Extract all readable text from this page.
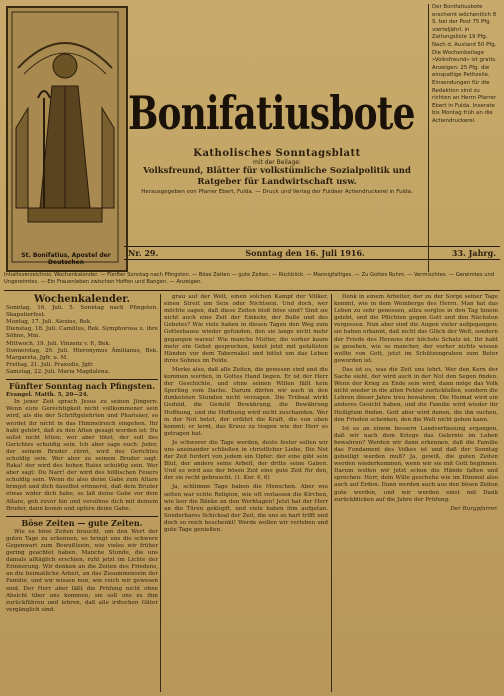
St. Bonifatius, Apostel der Deutschen
Bonifatiusbote
Katholisches Sonntagsblatt
mit der Beilage:
Volksfreund, Blätter für volkstümliche Sozialpolitik und Ratgeber für Landwirtschaft usw.
Herausgegeben von Pfarrer Ebert, Fulda. — Druck und Verlag der Fuldaer Actiendruckerei in Fulda.
Der Bonifatiusbote erscheint wöchentlich 8 S. bei der Post 75 Pfg. vierteljährl. in Zeitungsliste 19 Pfg. Nach d. Ausland 50 Pfg. Die Wochenbeilage »Volksfreund« ist gratis. Anzeigen: 25 Pfg. die einspaltige Petitzeile. Einsendungen für die Redaktion sind zu richten an Herrn Pfarrer Ebert in Fulda. Inserate bis Montag früh an die Actiendruckerei.
Nr. 29.	Sonntag den 16. Juli 1916.	33. Jahrg.
Inhaltsverzeichnis: Wochenkalender. — Fünfter Sonntag nach Pfingsten. — Böse Zeiten — gute Zeiten. — Rückblick. — Mannigfaltiges. — Zu Gottes Ruhm. — Vermischtes. — Gereimtes und Ungereimtes. — Ein Frauenleben zwischen Hoffen und Bangen. — Anzeigen.
Wochenkalender.
Sonntag, 16. Juli. 5. Sonntag nach Pfingsten. Skapulierfest.
Montag, 17. Juli. Alexius, Bek.
Dienstag, 18. Juli. Camillus, Bek. Symphorosa u. ihre Söhne, Mm.
Mittwoch, 19. Juli. Vinzenz v. P., Bek.
Donnerstag, 20. Juli. Hieronymus Ämilianus, Bek. Margareta, Jgfr. u. M.
Freitag, 21. Juli. Praxedis, Jgfr.
Samstag, 22. Juli. Maria Magdalena.
Fünfter Sonntag nach Pfingsten.
Evangel. Matth. 5, 20—24.

In jener Zeit sprach Jesus zu seinen Jüngern: Wenn eure Gerechtigkeit nicht vollkommener sein wird, als die der Schriftgelehrten und Pharisäer, so werdet ihr nicht in das Himmelreich eingehen. Ihr habt gehört, daß zu den Alten gesagt worden ist: Du sollst nicht töten; wer aber tötet, der soll des Gerichtes schuldig sein. Ich aber sage euch: Jeder, der seinem Bruder zürnt, wird des Gerichtes schuldig sein. Wer aber zu seinem Bruder sagt: Raka! der wird des hohen Rates schuldig sein. Wer aber sagt: Du Narr! der wird des höllischen Feuers schuldig sein. Wenn du also deine Gabe zum Altare bringst und dich daselbst erinnerst, daß dein Bruder etwas wider dich habe, so laß deine Gabe vor dem Altare, geh zuvor hin und versöhne dich mit deinem Bruder, dann komm und opfere deine Gabe.

Böse Zeiten — gute Zeiten.

Wie es böse Zeiten braucht, um den Wert der guten Tage zu erkennen, so bringt uns die schwere Gegenwart zum Bewußtsein, wie vieles wir früher gering geachtet haben. Manche Stunde, die uns damals alltäglich erschien, ruht jetzt im Lichte der Erinnerung. Wir denken an die Zeiten des Friedens, an die heimatliche Arbeit, an das Zusammensein der Familie, und wir wissen nun, wie reich wir gewesen sind. Der Herr aber läßt die Prüfung nicht ohne Absicht über uns kommen; sie soll uns zu ihm zurückführen und lehren, daß alle irdischen Güter vergänglich sind.

grau auf der Welt, einen solchen Kampf der Völker, einen Streit um Sein oder Nichtsein. Und doch, wer möchte sagen, daß diese Zeiten bloß böse sind? Sind sie nicht auch eine Zeit der Einkehr, der Buße und des Gebetes? Wie viele haben in diesen Tagen den Weg zum Gotteshause wieder gefunden, den sie lange nicht mehr gegangen waren! Wie manche Mutter, die vorher kaum mehr ein Gebet gesprochen, kniet jetzt mit gefalteten Händen vor dem Tabernakel und bittet um das Leben ihres Sohnes im Felde.

Merke also, daß alle Zeiten, die gewesen sind und die kommen werden, in Gottes Hand liegen. Er ist der Herr der Geschichte, und ohne seinen Willen fällt kein Sperling vom Dache. Darum dürfen wir auch in den dunkelsten Stunden nicht verzagen. Die Trübsal wirkt Geduld, die Geduld Bewährung, die Bewährung Hoffnung, und die Hoffnung wird nicht zuschanden. Wer in der Not betet, der erfährt die Kraft, die von oben kommt; er lernt, das Kreuz zu tragen wie der Herr es getragen hat.

Je schwerer die Tage werden, desto fester sollen wir uns aneinander schließen in christlicher Liebe. Die Not der Zeit fordert von jedem ein Opfer: der eine gibt sein Blut, der andere seine Arbeit, der dritte seine Gaben. Und so wird aus der bösen Zeit eine gute Zeit für den, der sie recht gebraucht. (1. Kor. 4, 6)

Ja, schlimme Tage haben die Menschen. Aber wie selten war echte Religion, wie oft verlassen die Kirchen, wie leer die Bänke an den Werktagen! Jetzt hat der Herr an die Türen geklopft, und viele haben ihm aufgetan. Sonderbares Schicksal der Zeit, die uns so hart trifft und doch so reich beschenkt! Werde wollen wir verleben und gute Tage genießen.

Denk in einem Arbeiter, der zu der Sorge seiner Tage kommt, wie in dem Weinberge des Herrn. Man hat das Leben zu sehr genossen, allzu sorglos in den Tag hinein gelebt, und die Pflichten gegen Gott und den Nächsten vergessen. Nun aber sind die Augen vieler aufgegangen; sie haben erkannt, daß nicht das Glück der Welt, sondern der Friede des Herzens der höchste Schatz ist. Ihr habt ja gesehen, wie so mancher, der vorher nichts wissen wollte von Gott, jetzt im Schützengraben zum Beter geworden ist.

Das ist es, was die Zeit uns lehrt. Wer den Kern der Sache sieht, der wird auch in der Not den Segen finden. Wenn der Krieg zu Ende sein wird, dann möge das Volk nicht wieder in die alten Fehler zurückfallen, sondern die Lehren dieser Jahre treu bewahren. Die Heimat wird ein anderes Gesicht haben, und die Familie wird wieder ihr Heiligtum finden. Gott aber wird denen, die ihn suchen, den Frieden schenken, den die Welt nicht geben kann.

Ist es an einem bessern Landverfassung ergangen, daß wir nach dem Kriege das Gelernte im Leben bewahren? Werden wir dann erkennen, daß die Familie das Fundament des Volkes ist und daß der Sonntag geheiligt werden muß? Ja, gewiß, die guten Zeiten werden wiederkommen, wenn wir sie mit Gott beginnen. Darum wollen wir jetzt schon die Hände falten und sprechen: Herr, dein Wille geschehe wie im Himmel also auch auf Erden. Dann werden auch aus den bösen Zeiten gute werden, und wir werden einst mit Dank zurückblicken auf die Jahre der Prüfung.

Der Burgpfarrer.
